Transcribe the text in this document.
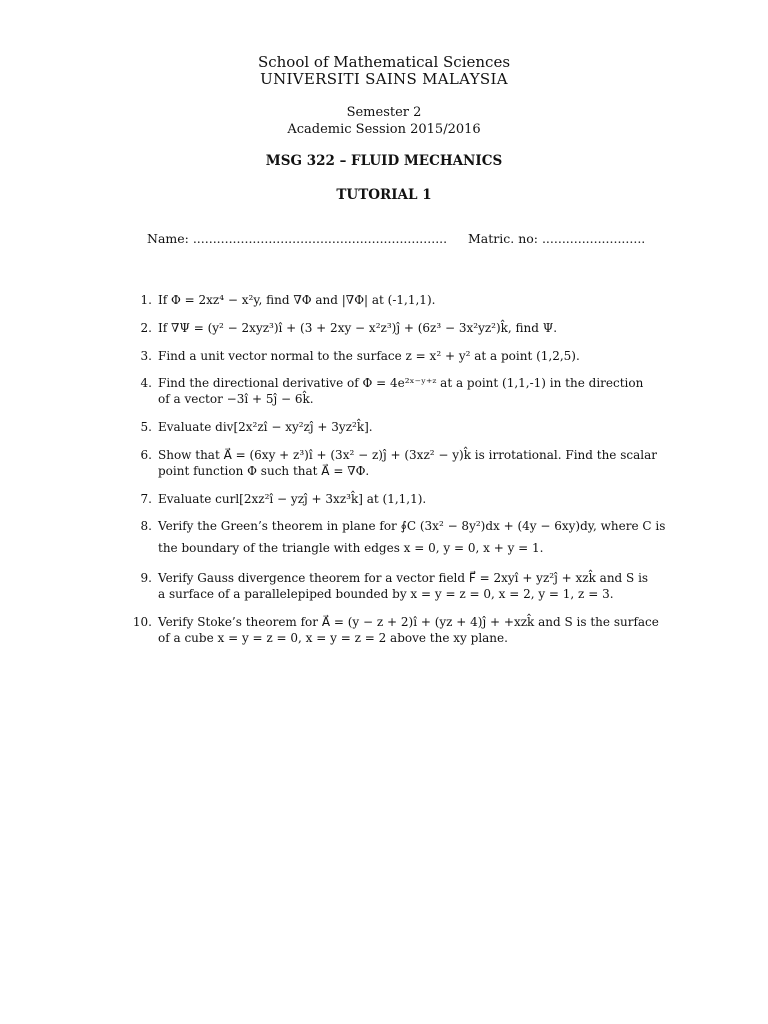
School of Mathematical Sciences
UNIVERSITI SAINS MALAYSIA
Semester 2
Academic Session 2015/2016
MSG 322 – FLUID MECHANICS
TUTORIAL 1
Name: ................................................................ Matric. no: ..........................
1. If Φ = 2xz⁴ − x²y, find ∇Φ and |∇Φ| at (-1,1,1).
2. If ∇Ψ = (y² − 2xyz³)î + (3 + 2xy − x²z³)ĵ + (6z³ − 3x²yz²)k̂, find Ψ.
3. Find a unit vector normal to the surface z = x² + y² at a point (1,2,5).
4. Find the directional derivative of Φ = 4e²ˣ⁻ʸ⁺ᶻ at a point (1,1,-1) in the direction
of a vector −3î + 5ĵ − 6k̂.
5. Evaluate div[2x²zî − xy²zĵ + 3yz²k̂].
6. Show that A⃗ = (6xy + z³)î + (3x² − z)ĵ + (3xz² − y)k̂ is irrotational. Find the scalar
point function Φ such that A⃗ = ∇Φ.
7. Evaluate curl[2xz²î − yzĵ + 3xz³k̂] at (1,1,1).
8. Verify the Green’s theorem in plane for ∮C (3x² − 8y²)dx + (4y − 6xy)dy, where C is
the boundary of the triangle with edges x = 0, y = 0, x + y = 1.
9. Verify Gauss divergence theorem for a vector field F⃗ = 2xyî + yz²ĵ + xzk̂ and S is
a surface of a parallelepiped bounded by x = y = z = 0, x = 2, y = 1, z = 3.
10. Verify Stoke’s theorem for A⃗ = (y − z + 2)î + (yz + 4)ĵ + +xzk̂ and S is the surface
of a cube x = y = z = 0, x = y = z = 2 above the xy plane.
